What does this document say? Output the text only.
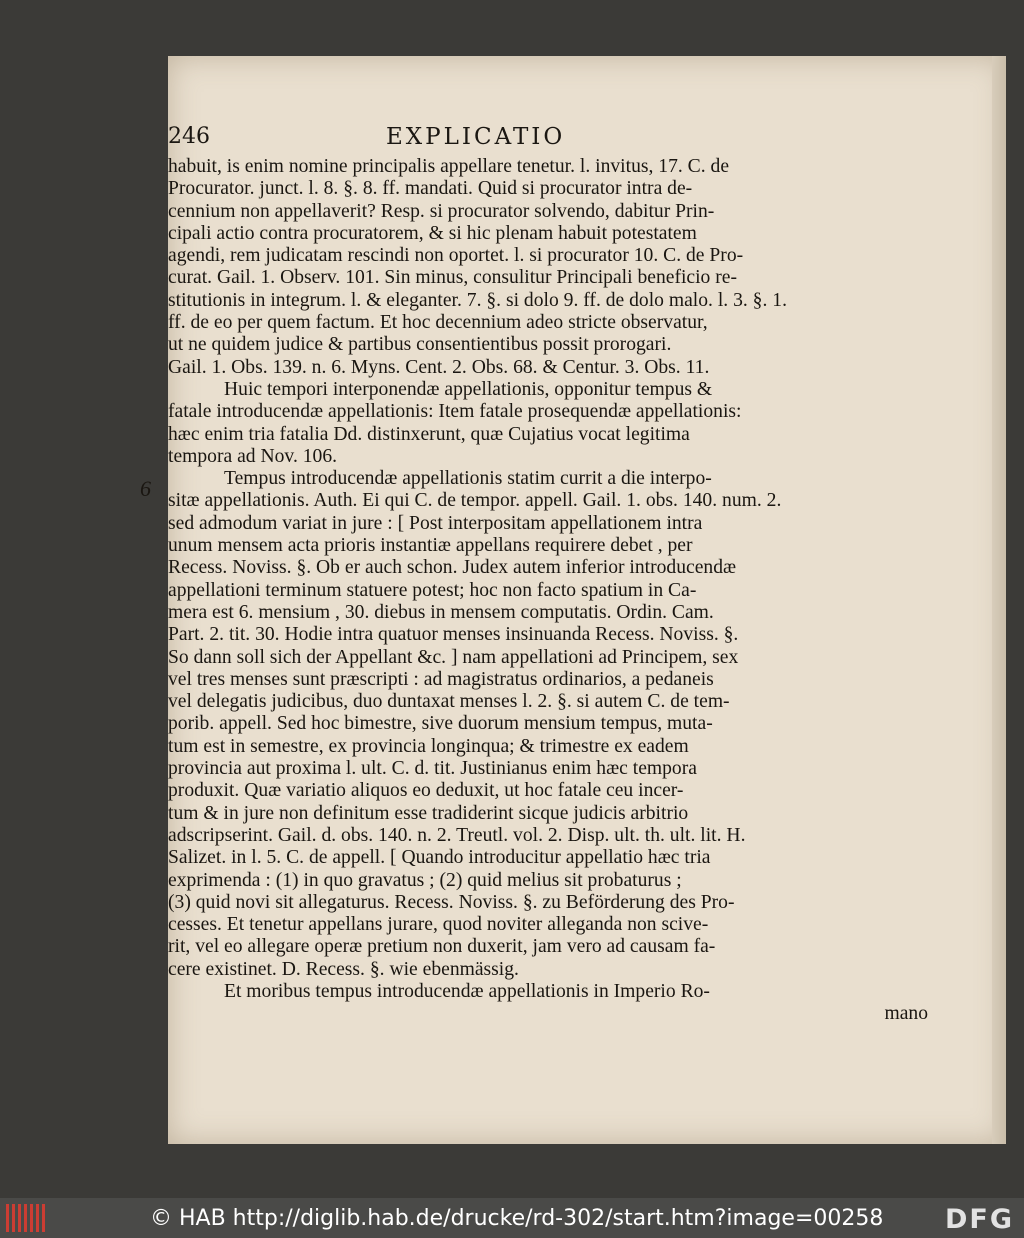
246	EXPLICATIO
6
habuit, is enim nomine principalis appellare tenetur. l. invitus, 17. C. de
Procurator. junct. l. 8. §. 8. ff. mandati. Quid si procurator intra de-
cennium non appellaverit? Resp. si procurator solvendo, dabitur Prin-
cipali actio contra procuratorem, & si hic plenam habuit potestatem
agendi, rem judicatam rescindi non oportet. l. si procurator 10. C. de Pro-
curat. Gail. 1. Observ. 101. Sin minus, consulitur Principali beneficio re-
stitutionis in integrum. l. & eleganter. 7. §. si dolo 9. ff. de dolo malo. l. 3. §. 1.
ff. de eo per quem factum. Et hoc decennium adeo stricte observatur,
ut ne quidem judice & partibus consentientibus possit prorogari.
Gail. 1. Obs. 139. n. 6. Myns. Cent. 2. Obs. 68. & Centur. 3. Obs. 11.
Huic tempori interponendæ appellationis, opponitur tempus &
fatale introducendæ appellationis: Item fatale prosequendæ appellationis:
hæc enim tria fatalia Dd. distinxerunt, quæ Cujatius vocat legitima
tempora ad Nov. 106.
Tempus introducendæ appellationis statim currit a die interpo-
sitæ appellationis. Auth. Ei qui C. de tempor. appell. Gail. 1. obs. 140. num. 2.
sed admodum variat in jure : [ Post interpositam appellationem intra
unum mensem acta prioris instantiæ appellans requirere debet , per
Recess. Noviss. §. Ob er auch schon. Judex autem inferior introducendæ
appellationi terminum statuere potest; hoc non facto spatium in Ca-
mera est 6. mensium , 30. diebus in mensem computatis. Ordin. Cam.
Part. 2. tit. 30. Hodie intra quatuor menses insinuanda Recess. Noviss. §.
So dann soll sich der Appellant &c. ] nam appellationi ad Principem, sex
vel tres menses sunt præscripti : ad magistratus ordinarios, a pedaneis
vel delegatis judicibus, duo duntaxat menses l. 2. §. si autem C. de tem-
porib. appell. Sed hoc bimestre, sive duorum mensium tempus, muta-
tum est in semestre, ex provincia longinqua; & trimestre ex eadem
provincia aut proxima l. ult. C. d. tit. Justinianus enim hæc tempora
produxit. Quæ variatio aliquos eo deduxit, ut hoc fatale ceu incer-
tum & in jure non definitum esse tradiderint sicque judicis arbitrio
adscripserint. Gail. d. obs. 140. n. 2. Treutl. vol. 2. Disp. ult. th. ult. lit. H.
Salizet. in l. 5. C. de appell. [ Quando introducitur appellatio hæc tria
exprimenda : (1) in quo gravatus ; (2) quid melius sit probaturus ;
(3) quid novi sit allegaturus. Recess. Noviss. §. zu Beförderung des Pro-
cesses. Et tenetur appellans jurare, quod noviter alleganda non scive-
rit, vel eo allegare operæ pretium non duxerit, jam vero ad causam fa-
cere existinet. D. Recess. §. wie ebenmässig.
Et moribus tempus introducendæ appellationis in Imperio Ro-
mano
© HAB http://diglib.hab.de/drucke/rd-302/start.htm?image=00258 DFG
